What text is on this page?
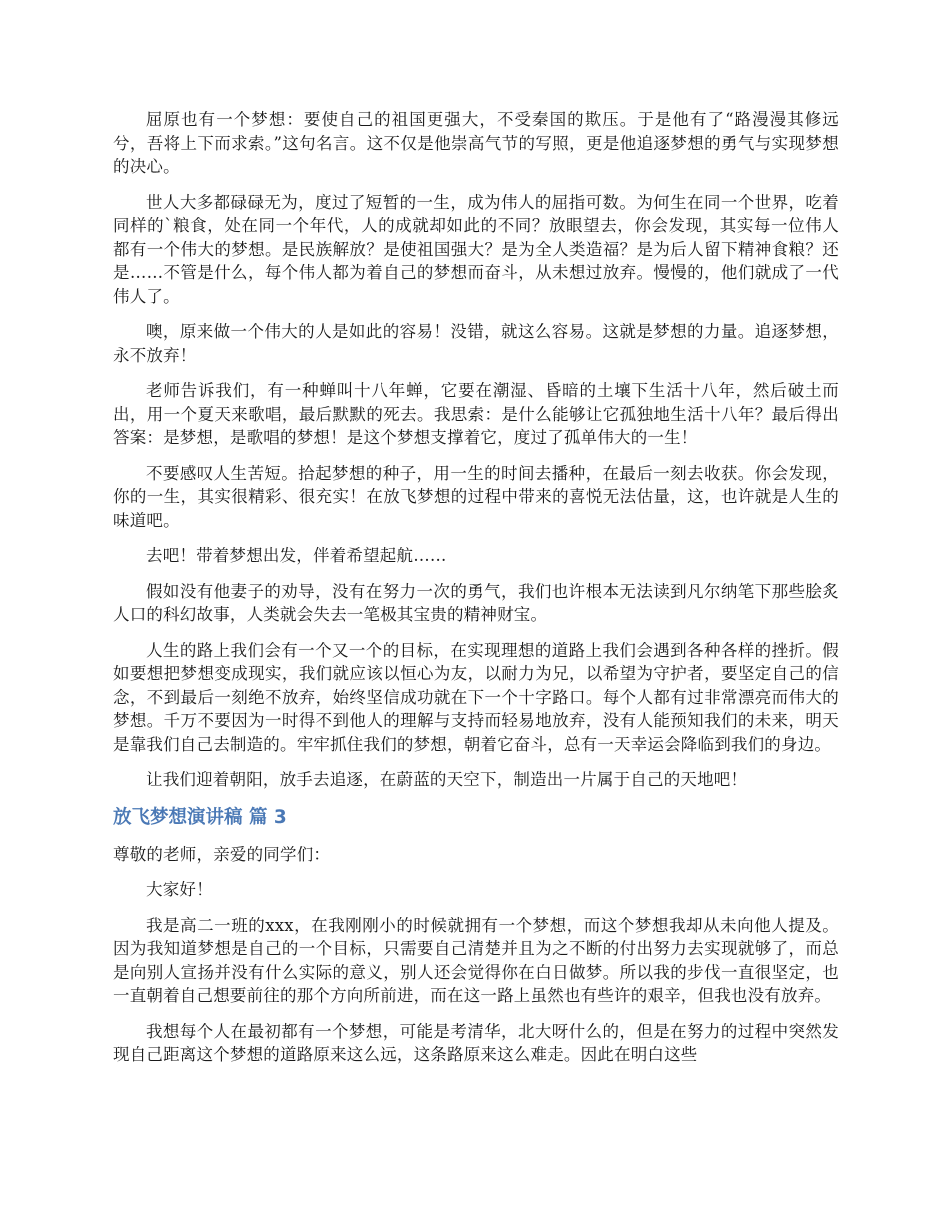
屈原也有一个梦想：要使自己的祖国更强大，不受秦国的欺压。于是他有了“路漫漫其修远兮，吾将上下而求索。”这句名言。这不仅是他崇高气节的写照，更是他追逐梦想的勇气与实现梦想的决心。

世人大多都碌碌无为，度过了短暂的一生，成为伟人的屈指可数。为何生在同一个世界，吃着同样的`粮食，处在同一个年代，人的成就却如此的不同？放眼望去，你会发现，其实每一位伟人都有一个伟大的梦想。是民族解放？是使祖国强大？是为全人类造福？是为后人留下精神食粮？还是……不管是什么，每个伟人都为着自己的梦想而奋斗，从未想过放弃。慢慢的，他们就成了一代伟人了。

噢，原来做一个伟大的人是如此的容易！没错，就这么容易。这就是梦想的力量。追逐梦想，永不放弃！

老师告诉我们，有一种蝉叫十八年蝉，它要在潮湿、昏暗的土壤下生活十八年，然后破土而出，用一个夏天来歌唱，最后默默的死去。我思索：是什么能够让它孤独地生活十八年？最后得出答案：是梦想，是歌唱的梦想！是这个梦想支撑着它，度过了孤单伟大的一生！

不要感叹人生苦短。拾起梦想的种子，用一生的时间去播种，在最后一刻去收获。你会发现，你的一生，其实很精彩、很充实！在放飞梦想的过程中带来的喜悦无法估量，这，也许就是人生的味道吧。

去吧！带着梦想出发，伴着希望起航……

假如没有他妻子的劝导，没有在努力一次的勇气，我们也许根本无法读到凡尔纳笔下那些脍炙人口的科幻故事，人类就会失去一笔极其宝贵的精神财宝。

人生的路上我们会有一个又一个的目标，在实现理想的道路上我们会遇到各种各样的挫折。假如要想把梦想变成现实，我们就应该以恒心为友，以耐力为兄，以希望为守护者，要坚定自己的信念，不到最后一刻绝不放弃，始终坚信成功就在下一个十字路口。每个人都有过非常漂亮而伟大的梦想。千万不要因为一时得不到他人的理解与支持而轻易地放弃，没有人能预知我们的未来，明天是靠我们自己去制造的。牢牢抓住我们的梦想，朝着它奋斗，总有一天幸运会降临到我们的身边。

让我们迎着朝阳，放手去追逐，在蔚蓝的天空下，制造出一片属于自己的天地吧！

放飞梦想演讲稿 篇 3

尊敬的老师，亲爱的同学们：

大家好！

我是高二一班的xxx，在我刚刚小的时候就拥有一个梦想，而这个梦想我却从未向他人提及。因为我知道梦想是自己的一个目标，只需要自己清楚并且为之不断的付出努力去实现就够了，而总是向别人宣扬并没有什么实际的意义，别人还会觉得你在白日做梦。所以我的步伐一直很坚定，也一直朝着自己想要前往的那个方向所前进，而在这一路上虽然也有些许的艰辛，但我也没有放弃。

我想每个人在最初都有一个梦想，可能是考清华，北大呀什么的，但是在努力的过程中突然发现自己距离这个梦想的道路原来这么远，这条路原来这么难走。因此在明白这些
